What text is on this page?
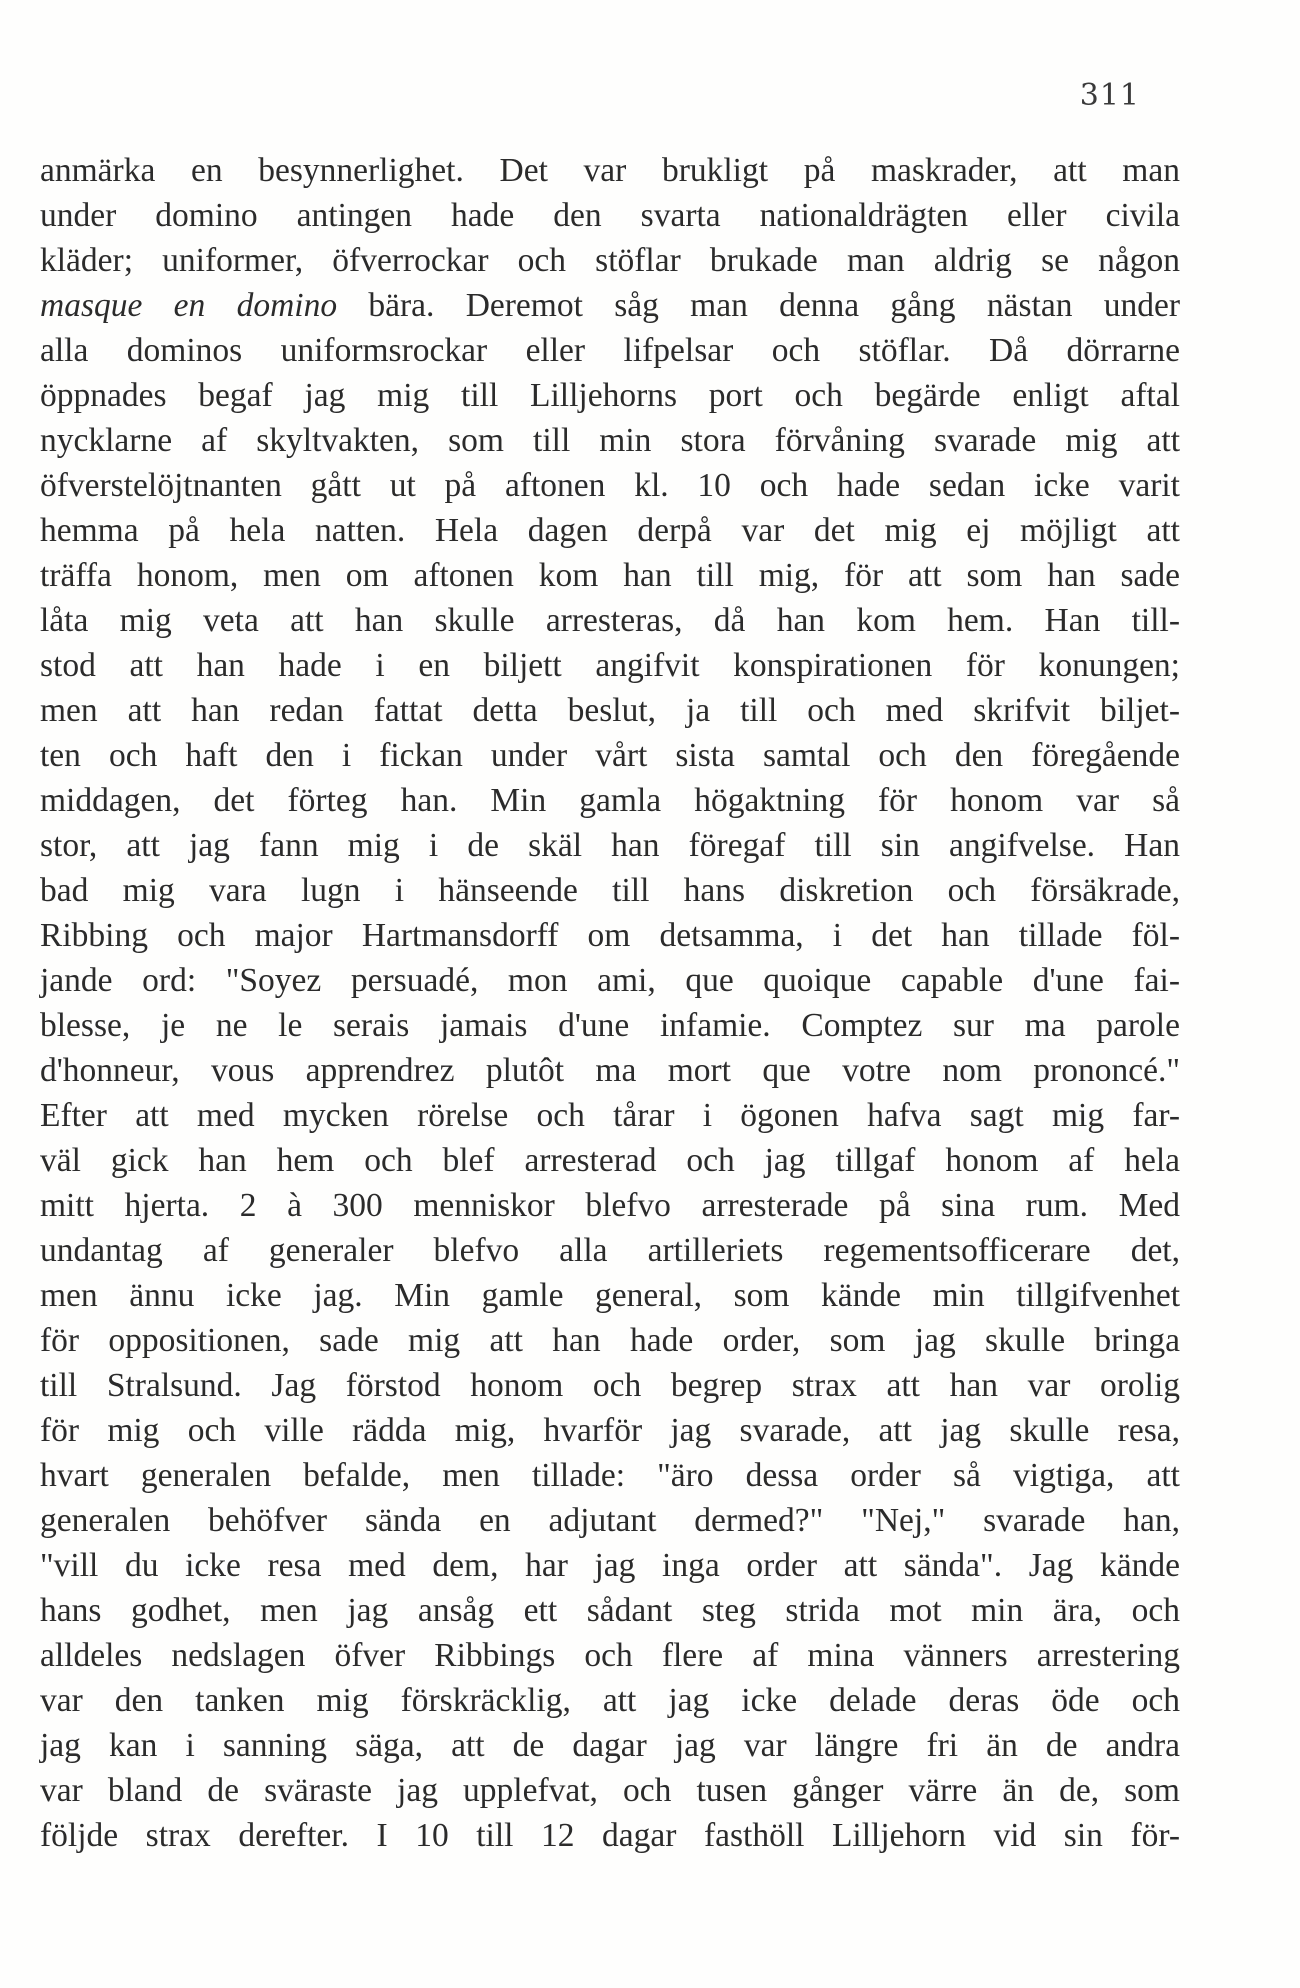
311
anmärka en besynnerlighet. Det var brukligt på maskrader, att man
under domino antingen hade den svarta nationaldrägten eller civila
kläder; uniformer, öfverrockar och stöflar brukade man aldrig se någon
masque en domino bära. Deremot såg man denna gång nästan under
alla dominos uniformsrockar eller lifpelsar och stöflar. Då dörrarne
öppnades begaf jag mig till Lilljehorns port och begärde enligt aftal
nycklarne af skyltvakten, som till min stora förvåning svarade mig att
öfverstelöjtnanten gått ut på aftonen kl. 10 och hade sedan icke varit
hemma på hela natten. Hela dagen derpå var det mig ej möjligt att
träffa honom, men om aftonen kom han till mig, för att som han sade
låta mig veta att han skulle arresteras, då han kom hem. Han till-
stod att han hade i en biljett angifvit konspirationen för konungen;
men att han redan fattat detta beslut, ja till och med skrifvit biljet-
ten och haft den i fickan under vårt sista samtal och den föregående
middagen, det förteg han. Min gamla högaktning för honom var så
stor, att jag fann mig i de skäl han föregaf till sin angifvelse. Han
bad mig vara lugn i hänseende till hans diskretion och försäkrade,
Ribbing och major Hartmansdorff om detsamma, i det han tillade föl-
jande ord: "Soyez persuadé, mon ami, que quoique capable d'une fai-
blesse, je ne le serais jamais d'une infamie. Comptez sur ma parole
d'honneur, vous apprendrez plutôt ma mort que votre nom prononcé."
Efter att med mycken rörelse och tårar i ögonen hafva sagt mig far-
väl gick han hem och blef arresterad och jag tillgaf honom af hela
mitt hjerta. 2 à 300 menniskor blefvo arresterade på sina rum. Med
undantag af generaler blefvo alla artilleriets regementsofficerare det,
men ännu icke jag. Min gamle general, som kände min tillgifvenhet
för oppositionen, sade mig att han hade order, som jag skulle bringa
till Stralsund. Jag förstod honom och begrep strax att han var orolig
för mig och ville rädda mig, hvarför jag svarade, att jag skulle resa,
hvart generalen befalde, men tillade: "äro dessa order så vigtiga, att
generalen behöfver sända en adjutant dermed?" "Nej," svarade han,
"vill du icke resa med dem, har jag inga order att sända". Jag kände
hans godhet, men jag ansåg ett sådant steg strida mot min ära, och
alldeles nedslagen öfver Ribbings och flere af mina vänners arrestering
var den tanken mig förskräcklig, att jag icke delade deras öde och
jag kan i sanning säga, att de dagar jag var längre fri än de andra
var bland de sväraste jag upplefvat, och tusen gånger värre än de, som
följde strax derefter. I 10 till 12 dagar fasthöll Lilljehorn vid sin för-
